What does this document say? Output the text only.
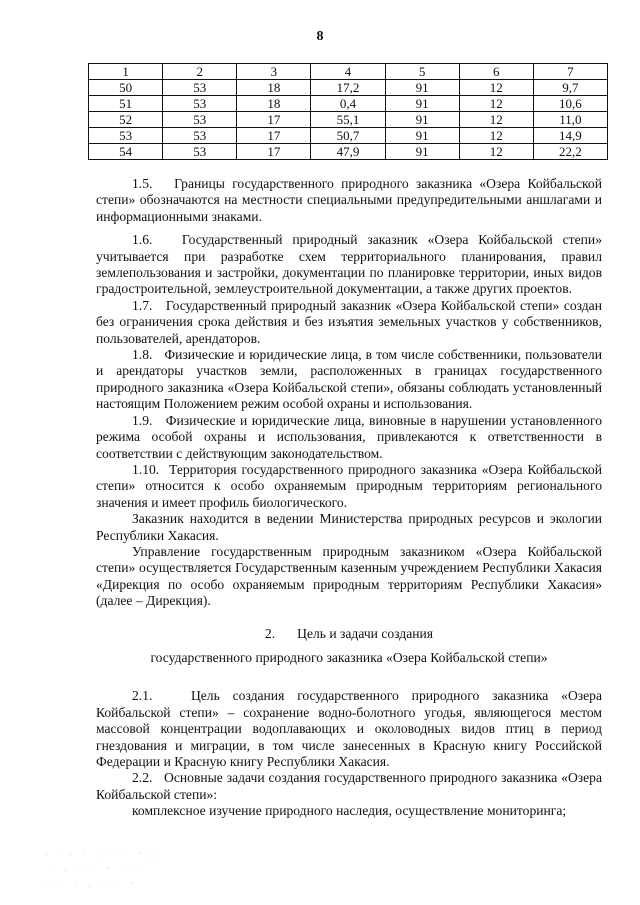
8
1	2	3	4	5	6	7
50	53	18	17,2	91	12	9,7
51	53	18	0,4	91	12	10,6
52	53	17	55,1	91	12	11,0
53	53	17	50,7	91	12	14,9
54	53	17	47,9	91	12	22,2

1.5.   Границы государственного природного заказника «Озера Койбальской степи» обозначаются на местности специальными предупредительными аншлагами и информационными знаками.

1.6.   Государственный природный заказник «Озера Койбальской степи» учитывается при разработке схем территориального планирования, правил землепользования и застройки, документации по планировке территории, иных видов градостроительной, землеустроительной документации, а также других проектов.

1.7.   Государственный природный заказник «Озера Койбальской степи» создан без ограничения срока действия и без изъятия земельных участков у собственников, пользователей, арендаторов.

1.8.   Физические и юридические лица, в том числе собственники, пользователи и арендаторы участков земли, расположенных в границах государственного природного заказника «Озера Койбальской степи», обязаны соблюдать установленный настоящим Положением режим особой охраны и использования.

1.9.   Физические и юридические лица, виновные в нарушении установленного режима особой охраны и использования, привлекаются к ответственности в соответствии с действующим законодательством.

1.10.  Территория государственного природного заказника «Озера Койбальской степи» относится к особо охраняемым природным территориям регионального значения и имеет профиль биологического.

Заказник находится в ведении Министерства природных ресурсов и экологии Республики Хакасия.

Управление государственным природным заказником «Озера Койбальской степи» осуществляется Государственным казенным учреждением Республики Хакасия «Дирекция по особо охраняемым природным территориям Республики Хакасия» (далее – Дирекция).

2. Цель и задачи создания
государственного природного заказника «Озера Койбальской степи»

2.1.   Цель создания государственного природного заказника «Озера Койбальской степи» – сохранение водно-болотного угодья, являющегося местом массовой концентрации водоплавающих и околоводных видов птиц в период гнездования и миграции, в том числе занесенных в Красную книгу Российской Федерации и Красную книгу Республики Хакасия.

2.2.   Основные задачи создания государственного природного заказника «Озера Койбальской степи»:

комплексное изучение природного наследия, осуществление мониторинга;
